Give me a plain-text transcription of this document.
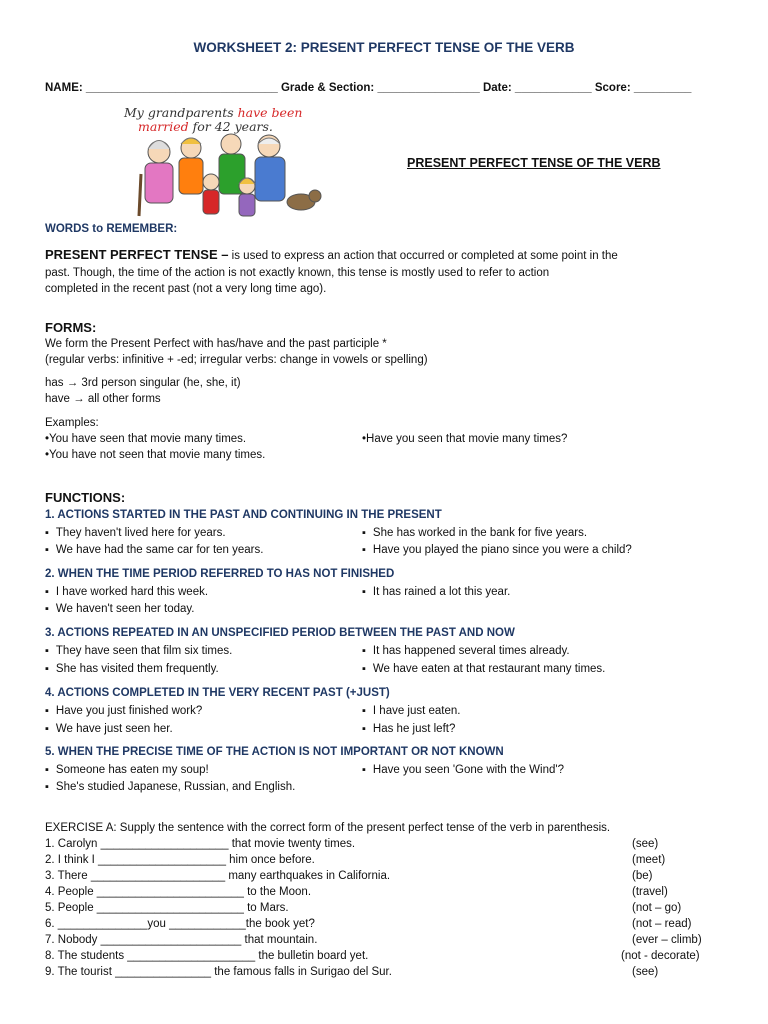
WORKSHEET 2: PRESENT PERFECT TENSE OF THE VERB
NAME: ______________________________ Grade & Section: ________________ Date: ____________ Score: _________
My grandparents have been
married for 42 years.
PRESENT PERFECT TENSE OF THE VERB
WORDS to REMEMBER:
PRESENT PERFECT TENSE – is used to express an action that occurred or completed at some point in the
past. Though, the time of the action is not exactly known, this tense is mostly used to refer to action
completed in the recent past (not a very long time ago).
FORMS:
We form the Present Perfect with has/have and the past participle *
(regular verbs: infinitive + -ed; irregular verbs: change in vowels or spelling)
has → 3rd person singular (he, she, it)
have → all other forms
Examples:
•You have seen that movie many times.	•Have you seen that movie many times?
•You have not seen that movie many times.
FUNCTIONS:
1. ACTIONS STARTED IN THE PAST AND CONTINUING IN THE PRESENT
▪ They haven't lived here for years.
▪ We have had the same car for ten years.
▪ She has worked in the bank for five years.
▪ Have you played the piano since you were a child?
2. WHEN THE TIME PERIOD REFERRED TO HAS NOT FINISHED
▪ I have worked hard this week.
▪ We haven't seen her today.
▪ It has rained a lot this year.
3. ACTIONS REPEATED IN AN UNSPECIFIED PERIOD BETWEEN THE PAST AND NOW
▪ They have seen that film six times.
▪ She has visited them frequently.
▪ It has happened several times already.
▪ We have eaten at that restaurant many times.
4. ACTIONS COMPLETED IN THE VERY RECENT PAST (+JUST)
▪ Have you just finished work?
▪ We have just seen her.
▪ I have just eaten.
▪ Has he just left?
5. WHEN THE PRECISE TIME OF THE ACTION IS NOT IMPORTANT OR NOT KNOWN
▪ Someone has eaten my soup!
▪ She's studied Japanese, Russian, and English.
▪ Have you seen 'Gone with the Wind'?
EXERCISE A: Supply the sentence with the correct form of the present perfect tense of the verb in parenthesis.
1. Carolyn ____________________ that movie twenty times.	(see)
2. I think I ____________________ him once before.	(meet)
3. There _____________________ many earthquakes in California.	(be)
4. People _______________________ to the Moon.	(travel)
5. People _______________________ to Mars.	(not – go)
6. ______________you ____________the book yet?	(not – read)
7. Nobody ______________________ that mountain.	(ever – climb)
8. The students ____________________ the bulletin board yet.	(not - decorate)
9. The tourist _______________ the famous falls in Surigao del Sur.	(see)
